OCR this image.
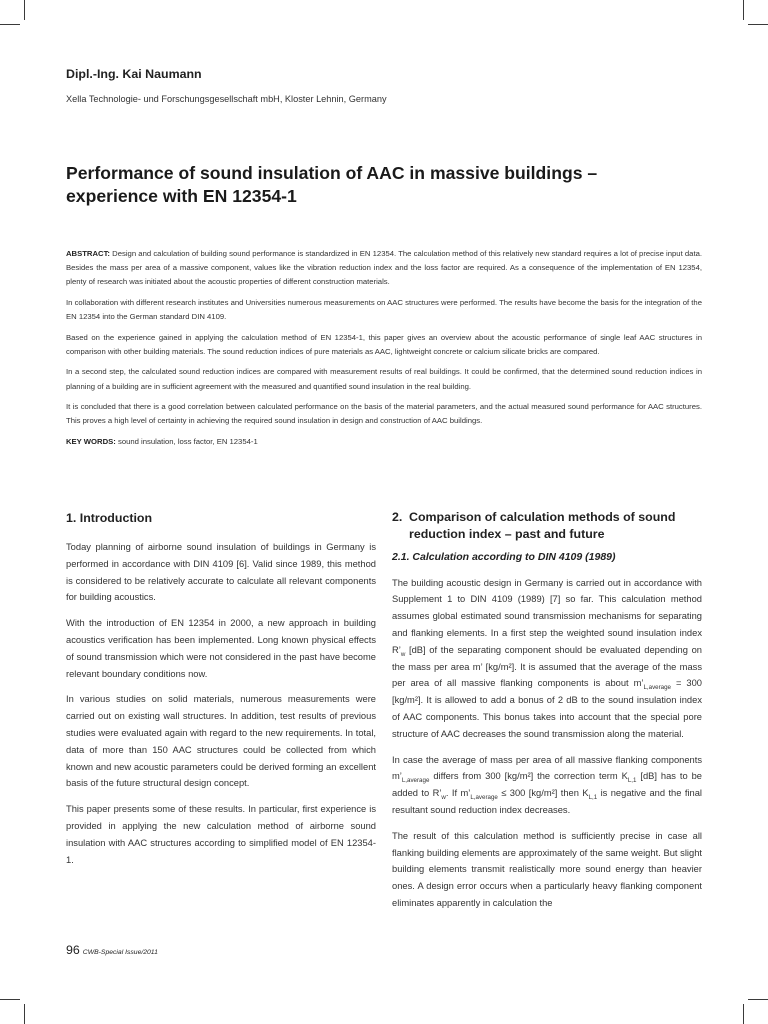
Dipl.-Ing. Kai Naumann
Xella Technologie- und Forschungsgesellschaft mbH, Kloster Lehnin, Germany
Performance of sound insulation of AAC in massive buildings –
experience with EN 12354-1

ABSTRACT: Design and calculation of building sound performance is standardized in EN 12354. The calculation method of this relatively new standard requires a lot of precise input data. Besides the mass per area of a massive component, values like the vibration reduction index and the loss factor are required. As a consequence of the implementation of EN 12354, plenty of research was initiated about the acoustic properties of different construction materials.

In collaboration with different research institutes and Universities numerous measurements on AAC structures were performed. The results have become the basis for the integration of the EN 12354 into the German standard DIN 4109.

Based on the experience gained in applying the calculation method of EN 12354-1, this paper gives an overview about the acoustic performance of single leaf AAC structures in comparison with other building materials. The sound reduction indices of pure materials as AAC, lightweight concrete or calcium silicate bricks are compared.

In a second step, the calculated sound reduction indices are compared with measurement results of real buildings. It could be confirmed, that the determined sound reduction indices in planning of a building are in sufficient agreement with the measured and quantified sound insulation in the real building.

It is concluded that there is a good correlation between calculated performance on the basis of the material parameters, and the actual measured sound performance for AAC structures. This proves a high level of certainty in achieving the required sound insulation in design and construction of AAC buildings.

KEY WORDS: sound insulation, loss factor, EN 12354-1

1. Introduction

Today planning of airborne sound insulation of buildings in Germany is performed in accordance with DIN 4109 [6]. Valid since 1989, this method is considered to be relatively accurate to calculate all relevant components for building acoustics.

With the introduction of EN 12354 in 2000, a new approach in building acoustics verification has been implemented. Long known physical effects of sound transmission which were not considered in the past have become relevant boundary conditions now.

In various studies on solid materials, numerous measurements were carried out on existing wall structures. In addition, test results of previous studies were evaluated again with regard to the new requirements. In total, data of more than 150 AAC structures could be collected from which known and new acoustic parameters could be derived forming an excellent basis of the future structural design concept.

This paper presents some of these results. In particular, first experience is provided in applying the new calculation method of airborne sound insulation with AAC structures according to simplified model of EN 12354-1.

2. Comparison of calculation methods of sound reduction index – past and future
2.1. Calculation according to DIN 4109 (1989)

The building acoustic design in Germany is carried out in accordance with Supplement 1 to DIN 4109 (1989) [7] so far. This calculation method assumes global estimated sound transmission mechanisms for separating and flanking elements. In a first step the weighted sound insulation index $R’_w$ [dB] of the separating component should be evaluated depending on the mass per area m’ [kg/m²]. It is assumed that the average of the mass per area of all massive flanking components is about $m’_{L,average} = 300$ [kg/m²]. It is allowed to add a bonus of 2 dB to the sound insulation index of AAC components. This bonus takes into account that the special pore structure of AAC decreases the sound transmission along the material.

In case the average of mass per area of all massive flanking components $m’_{L,average}$ differs from 300 [kg/m²] the correction term $K_{L,1}$ [dB] has to be added to $R’_w$. If $m’_{L,average} \le 300$ [kg/m²] then $K_{L,1}$ is negative and the final resultant sound reduction index decreases.

The result of this calculation method is sufficiently precise in case all flanking building elements are approximately of the same weight. But slight building elements transmit realistically more sound energy than heavier ones. A design error occurs when a particularly heavy flanking component eliminates apparently in calculation the

96 CWB-Special Issue/2011
